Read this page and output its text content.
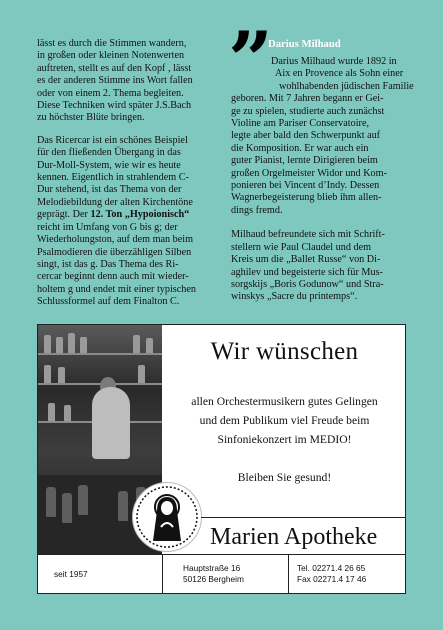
lässt es durch die Stimmen wandern,
in großen oder kleinen Notenwerten
auftreten, stellt es auf den Kopf , lässt
es der anderen Stimme ins Wort fallen
oder von einem 2. Thema begleiten.
Diese Techniken wird später J.S.Bach
zu höchster Blüte bringen.
Das Ricercar ist ein schönes Beispiel
für den fließenden Übergang in das
Dur-Moll-System, wie wir es heute
kennen. Eigentlich in strahlendem C-
Dur stehend, ist das Thema von der
Melodiebildung der alten Kirchentöne
geprägt. Der 12. Ton „Hypoionisch“
reicht im Umfang von G bis g; der
Wiederholungston, auf dem man beim
Psalmodieren die überzähligen Silben
singt, ist das g. Das Thema des Ri-
cercar beginnt denn auch mit wieder-
holtem g und endet mit einer typischen
Schlussformel auf dem Finalton C.
”
Darius Milhaud
Darius Milhaud wurde 1892 in
Aix en Provence als Sohn einer
wohlhabenden jüdischen Familie
geboren. Mit 7 Jahren begann er Gei-
ge zu spielen, studierte auch zunächst
Violine am Pariser Conservatoire,
legte aber bald den Schwerpunkt auf
die Komposition. Er war auch ein
guter Pianist, lernte Dirigieren beim
großen Orgelmeister Widor und Kom-
ponieren bei Vincent d’Indy. Dessen
Wagnerbegeisterung blieb ihm allen-
dings fremd.
Milhaud befreundete sich mit Schrift-
stellern wie Paul Claudel und dem
Kreis um die „Ballet Russe“ von Di-
aghilev und begeisterte sich für Mus-
sorgskijs „Boris Godunow“ und Stra-
winskys „Sacre du printemps“.
Wir wünschen
allen Orchestermusikern gutes Gelingen
und dem Publikum viel Freude beim
Sinfoniekonzert im MEDIO!
Bleiben Sie gesund!
Marien Apotheke
seit 1957
Hauptstraße 16
50126 Bergheim
Tel. 02271.4 26 65
Fax 02271.4 17 46
